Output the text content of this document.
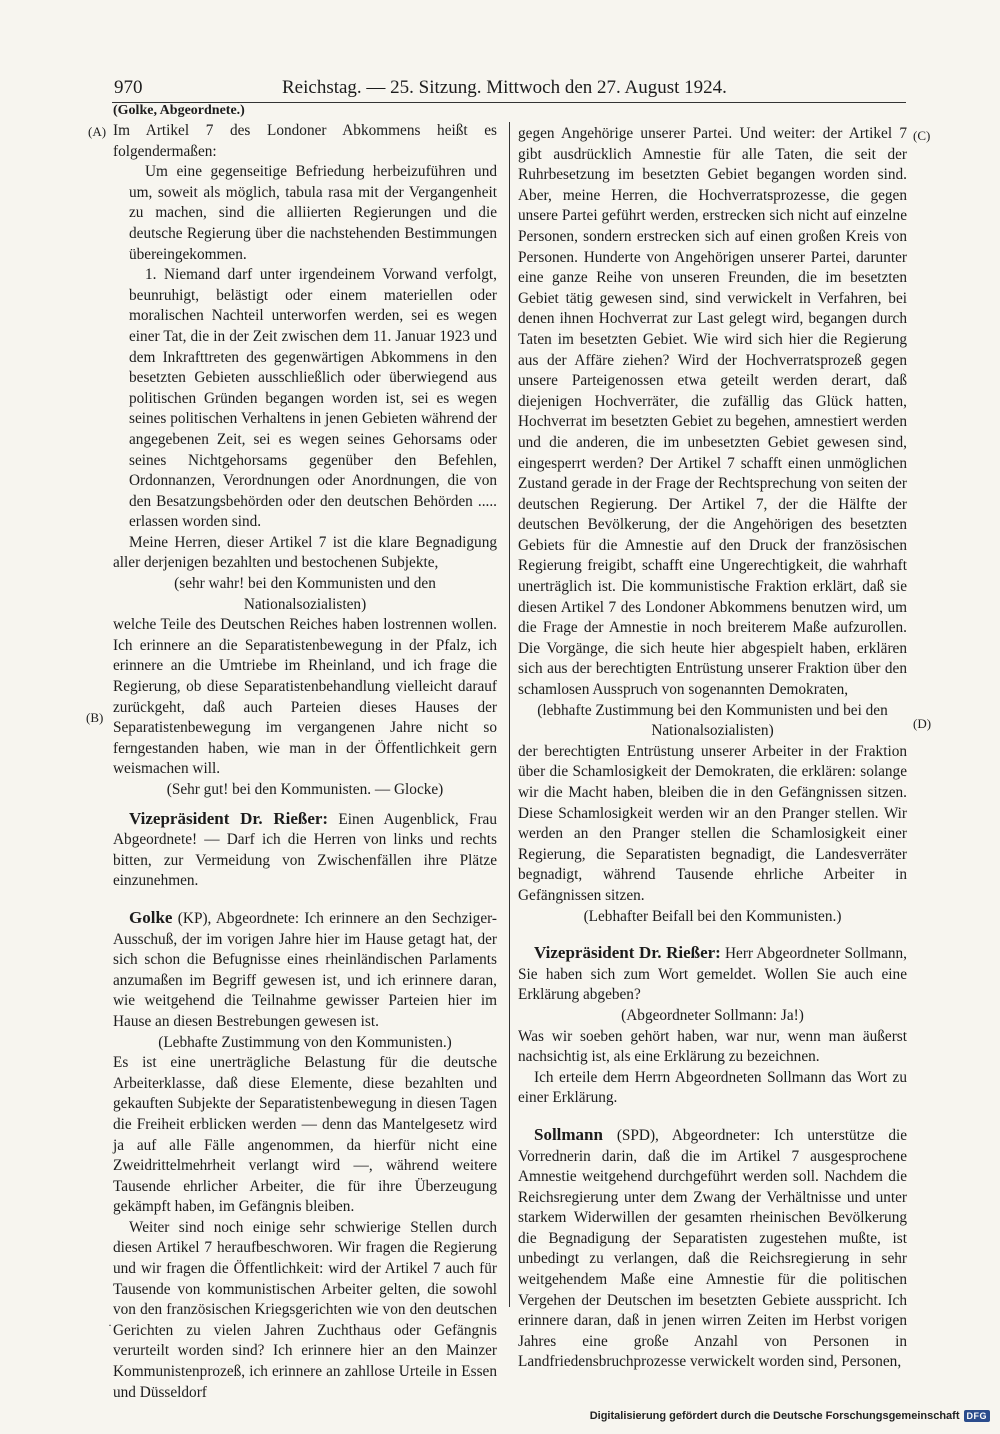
970	Reichstag. — 25. Sitzung. Mittwoch den 27. August 1924.
(A)
(B)
(C)
(D)

(Golke, Abgeordnete.)

Im Artikel 7 des Londoner Abkommens heißt es folgendermaßen:

Um eine gegenseitige Befriedung herbeizuführen und um, soweit als möglich, tabula rasa mit der Vergangenheit zu machen, sind die alliierten Regierungen und die deutsche Regierung über die nachstehenden Bestimmungen übereingekommen.

1. Niemand darf unter irgendeinem Vorwand verfolgt, beunruhigt, belästigt oder einem materiellen oder moralischen Nachteil unterworfen werden, sei es wegen einer Tat, die in der Zeit zwischen dem 11. Januar 1923 und dem Inkrafttreten des gegenwärtigen Abkommens in den besetzten Gebieten ausschließlich oder überwiegend aus politischen Gründen begangen worden ist, sei es wegen seines politischen Verhaltens in jenen Gebieten während der angegebenen Zeit, sei es wegen seines Gehorsams oder seines Nichtgehorsams gegenüber den Befehlen, Ordonnanzen, Verordnungen oder Anordnungen, die von den Besatzungsbehörden oder den deutschen Behörden ..... erlassen worden sind.

Meine Herren, dieser Artikel 7 ist die klare Begnadigung aller derjenigen bezahlten und bestochenen Subjekte,

(sehr wahr! bei den Kommunisten und den Nationalsozialisten)

welche Teile des Deutschen Reiches haben lostrennen wollen. Ich erinnere an die Separatistenbewegung in der Pfalz, ich erinnere an die Umtriebe im Rheinland, und ich frage die Regierung, ob diese Separatistenbehandlung vielleicht darauf zurückgeht, daß auch Parteien dieses Hauses der Separatistenbewegung im vergangenen Jahre nicht so ferngestanden haben, wie man in der Öffentlichkeit gern weismachen will.

(Sehr gut! bei den Kommunisten. — Glocke)

Vizepräsident Dr. Rießer: Einen Augenblick, Frau Abgeordnete! — Darf ich die Herren von links und rechts bitten, zur Vermeidung von Zwischenfällen ihre Plätze einzunehmen.

Golke (KP), Abgeordnete: Ich erinnere an den Sechziger-Ausschuß, der im vorigen Jahre hier im Hause getagt hat, der sich schon die Befugnisse eines rheinländischen Parlaments anzumaßen im Begriff gewesen ist, und ich erinnere daran, wie weitgehend die Teilnahme gewisser Parteien hier im Hause an diesen Bestrebungen gewesen ist.

(Lebhafte Zustimmung von den Kommunisten.)

Es ist eine unerträgliche Belastung für die deutsche Arbeiterklasse, daß diese Elemente, diese bezahlten und gekauften Subjekte der Separatistenbewegung in diesen Tagen die Freiheit erblicken werden — denn das Mantelgesetz wird ja auf alle Fälle angenommen, da hierfür nicht eine Zweidrittelmehrheit verlangt wird —, während weitere Tausende ehrlicher Arbeiter, die für ihre Überzeugung gekämpft haben, im Gefängnis bleiben.

Weiter sind noch einige sehr schwierige Stellen durch diesen Artikel 7 heraufbeschworen. Wir fragen die Regierung und wir fragen die Öffentlichkeit: wird der Artikel 7 auch für Tausende von kommunistischen Arbeiter gelten, die sowohl von den französischen Kriegsgerichten wie von den deutschen Gerichten zu vielen Jahren Zuchthaus oder Gefängnis verurteilt worden sind? Ich erinnere hier an den Mainzer Kommunistenprozeß, ich erinnere an zahllose Urteile in Essen und Düsseldorf

gegen Angehörige unserer Partei. Und weiter: der Artikel 7 gibt ausdrücklich Amnestie für alle Taten, die seit der Ruhrbesetzung im besetzten Gebiet begangen worden sind. Aber, meine Herren, die Hochverratsprozesse, die gegen unsere Partei geführt werden, erstrecken sich nicht auf einzelne Personen, sondern erstrecken sich auf einen großen Kreis von Personen. Hunderte von Angehörigen unserer Partei, darunter eine ganze Reihe von unseren Freunden, die im besetzten Gebiet tätig gewesen sind, sind verwickelt in Verfahren, bei denen ihnen Hochverrat zur Last gelegt wird, begangen durch Taten im besetzten Gebiet. Wie wird sich hier die Regierung aus der Affäre ziehen? Wird der Hochverratsprozeß gegen unsere Parteigenossen etwa geteilt werden derart, daß diejenigen Hochverräter, die zufällig das Glück hatten, Hochverrat im besetzten Gebiet zu begehen, amnestiert werden und die anderen, die im unbesetzten Gebiet gewesen sind, eingesperrt werden? Der Artikel 7 schafft einen unmöglichen Zustand gerade in der Frage der Rechtsprechung von seiten der deutschen Regierung. Der Artikel 7, der die Hälfte der deutschen Bevölkerung, der die Angehörigen des besetzten Gebiets für die Amnestie auf den Druck der französischen Regierung freigibt, schafft eine Ungerechtigkeit, die wahrhaft unerträglich ist. Die kommunistische Fraktion erklärt, daß sie diesen Artikel 7 des Londoner Abkommens benutzen wird, um die Frage der Amnestie in noch breiterem Maße aufzurollen. Die Vorgänge, die sich heute hier abgespielt haben, erklären sich aus der berechtigten Entrüstung unserer Fraktion über den schamlosen Ausspruch von sogenannten Demokraten,

(lebhafte Zustimmung bei den Kommunisten und bei den Nationalsozialisten)

der berechtigten Entrüstung unserer Arbeiter in der Fraktion über die Schamlosigkeit der Demokraten, die erklären: solange wir die Macht haben, bleiben die in den Gefängnissen sitzen. Diese Schamlosigkeit werden wir an den Pranger stellen. Wir werden an den Pranger stellen die Schamlosigkeit einer Regierung, die Separatisten begnadigt, die Landesverräter begnadigt, während Tausende ehrliche Arbeiter in Gefängnissen sitzen.

(Lebhafter Beifall bei den Kommunisten.)

Vizepräsident Dr. Rießer: Herr Abgeordneter Sollmann, Sie haben sich zum Wort gemeldet. Wollen Sie auch eine Erklärung abgeben?

(Abgeordneter Sollmann: Ja!)

Was wir soeben gehört haben, war nur, wenn man äußerst nachsichtig ist, als eine Erklärung zu bezeichnen.

Ich erteile dem Herrn Abgeordneten Sollmann das Wort zu einer Erklärung.

Sollmann (SPD), Abgeordneter: Ich unterstütze die Vorrednerin darin, daß die im Artikel 7 ausgesprochene Amnestie weitgehend durchgeführt werden soll. Nachdem die Reichsregierung unter dem Zwang der Verhältnisse und unter starkem Widerwillen der gesamten rheinischen Bevölkerung die Begnadigung der Separatisten zugestehen mußte, ist unbedingt zu verlangen, daß die Reichsregierung in sehr weitgehendem Maße eine Amnestie für die politischen Vergehen der Deutschen im besetzten Gebiete ausspricht. Ich erinnere daran, daß in jenen wirren Zeiten im Herbst vorigen Jahres eine große Anzahl von Personen in Landfriedensbruchprozesse verwickelt worden sind, Personen,

·
Digitalisierung gefördert durch die Deutsche Forschungsgemeinschaft DFG
